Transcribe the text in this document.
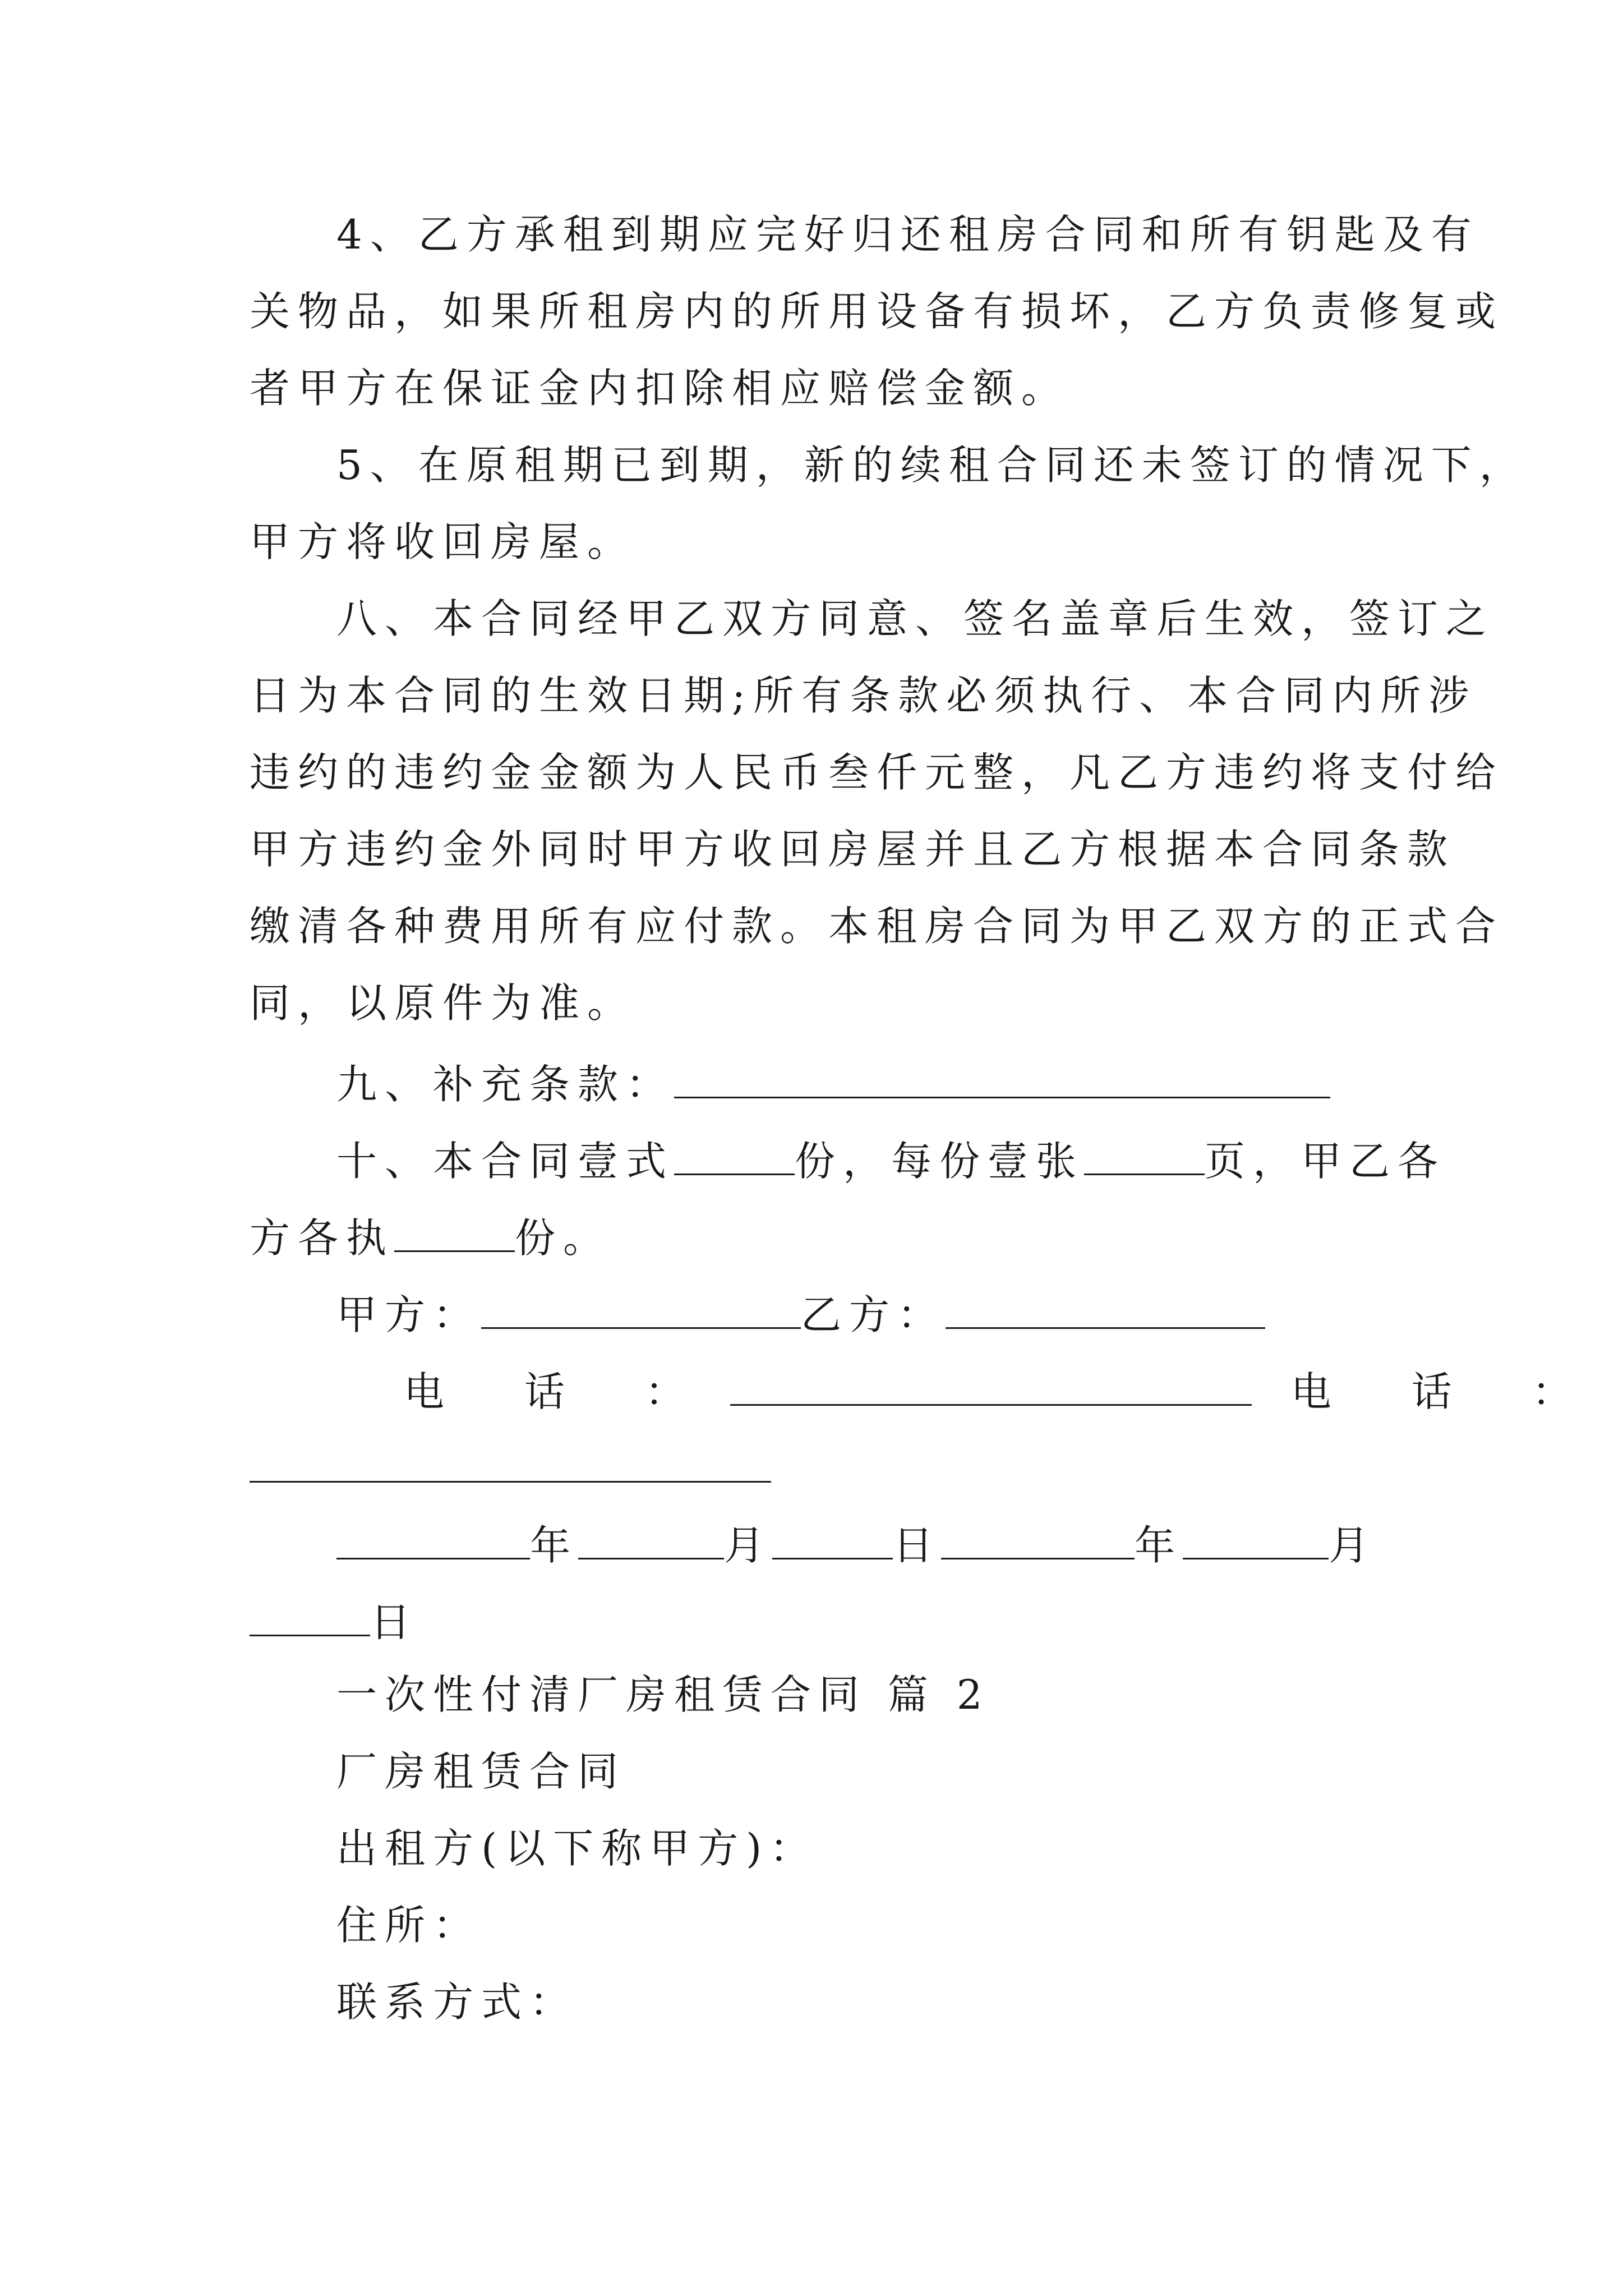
4、乙方承租到期应完好归还租房合同和所有钥匙及有
关物品，如果所租房内的所用设备有损坏，乙方负责修复或
者甲方在保证金内扣除相应赔偿金额。
5、在原租期已到期，新的续租合同还未签订的情况下，
甲方将收回房屋。
八、本合同经甲乙双方同意、签名盖章后生效，签订之
日为本合同的生效日期;所有条款必须执行、本合同内所涉
违约的违约金金额为人民币叁仟元整，凡乙方违约将支付给
甲方违约金外同时甲方收回房屋并且乙方根据本合同条款
缴清各种费用所有应付款。本租房合同为甲乙双方的正式合
同，以原件为准。
九、补充条款：
十、本合同壹式	份，每份壹张	页，甲乙各
方各执	份。
甲方：	乙方：
电 话 ：	电 话 ：
年	月	日	年	月
日
一次性付清厂房租赁合同 篇 2
厂房租赁合同
出租方(以下称甲方)：
住所：
联系方式：
